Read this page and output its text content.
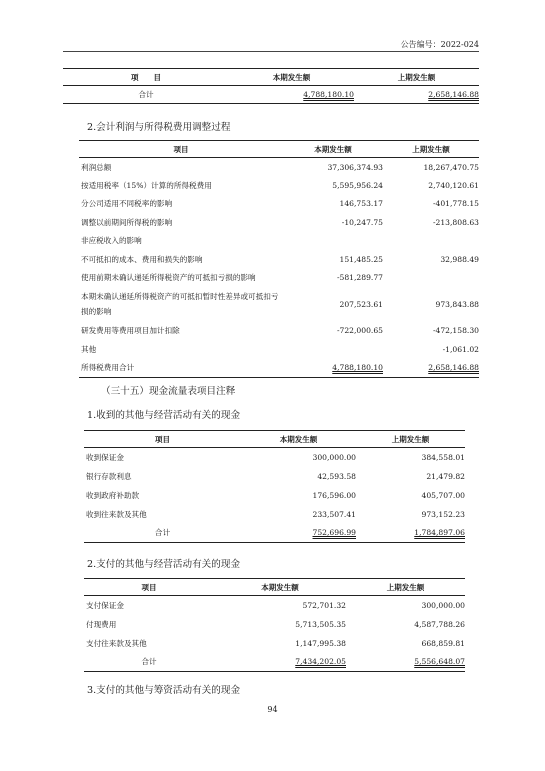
公告编号：2022-024
项　　目	本期发生额	上期发生额
合计	4,788,180.10	2,658,146.88
2.会计利润与所得税费用调整过程
项目	本期发生额	上期发生额
利润总额	37,306,374.93	18,267,470.75
按适用税率（15%）计算的所得税费用	5,595,956.24	2,740,120.61
分公司适用不同税率的影响	146,753.17	-401,778.15
调整以前期间所得税的影响	-10,247.75	-213,808.63
非应税收入的影响		
不可抵扣的成本、费用和损失的影响	151,485.25	32,988.49
使用前期未确认递延所得税资产的可抵扣亏损的影响	-581,289.77	
本期未确认递延所得税资产的可抵扣暂时性差异或可抵扣亏损的影响	207,523.61	973,843.88
研发费用等费用项目加计扣除	-722,000.65	-472,158.30
其他		-1,061.02
所得税费用合计	4,788,180.10	2,658,146.88
（三十五）现金流量表项目注释
1.收到的其他与经营活动有关的现金
项目	本期发生额	上期发生额
收到保证金	300,000.00	384,558.01
银行存款利息	42,593.58	21,479.82
收到政府补助款	176,596.00	405,707.00
收到往来款及其他	233,507.41	973,152.23
合计	752,696.99	1,784,897.06
2.支付的其他与经营活动有关的现金
项目	本期发生额	上期发生额
支付保证金	572,701.32	300,000.00
付现费用	5,713,505.35	4,587,788.26
支付往来款及其他	1,147,995.38	668,859.81
合计	7,434,202.05	5,556,648.07
3.支付的其他与筹资活动有关的现金
94
